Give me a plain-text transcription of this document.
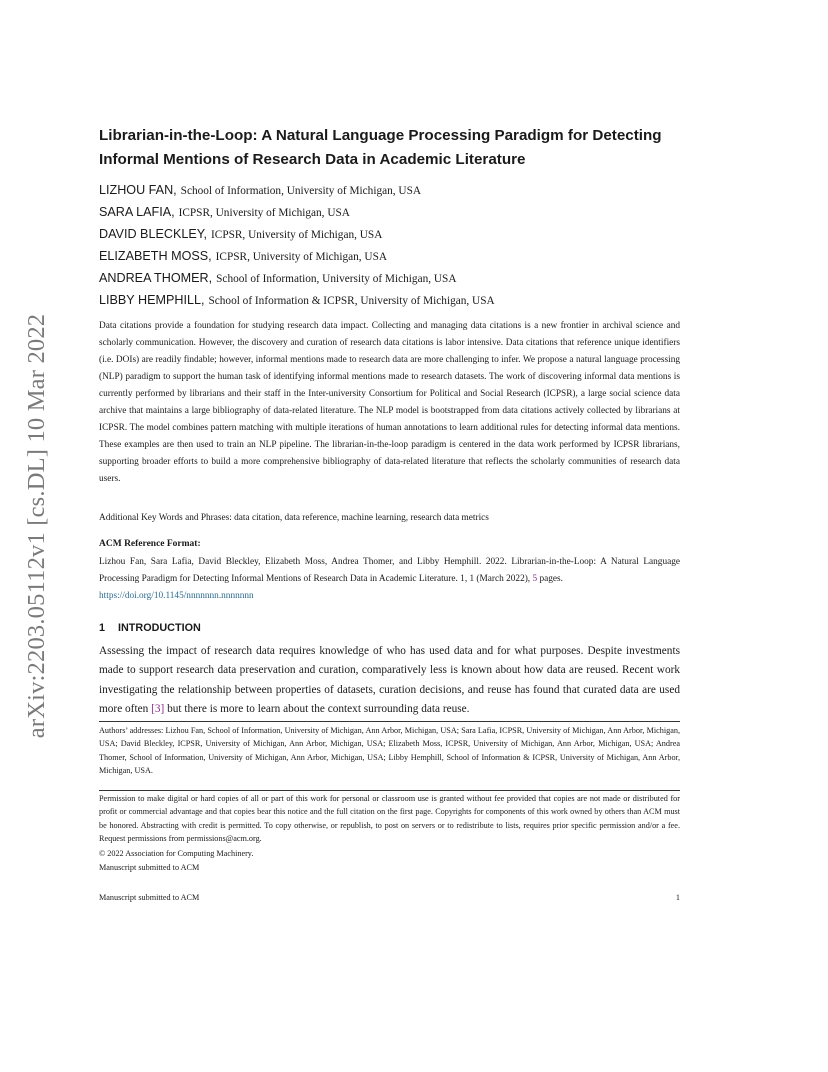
arXiv:2203.05112v1 [cs.DL] 10 Mar 2022
Librarian-in-the-Loop: A Natural Language Processing Paradigm for Detecting
Informal Mentions of Research Data in Academic Literature
LIZHOU FAN, School of Information, University of Michigan, USA
SARA LAFIA, ICPSR, University of Michigan, USA
DAVID BLECKLEY, ICPSR, University of Michigan, USA
ELIZABETH MOSS, ICPSR, University of Michigan, USA
ANDREA THOMER, School of Information, University of Michigan, USA
LIBBY HEMPHILL, School of Information & ICPSR, University of Michigan, USA

Data citations provide a foundation for studying research data impact. Collecting and managing data citations is a new frontier in archival science and scholarly communication. However, the discovery and curation of research data citations is labor intensive. Data citations that reference unique identifiers (i.e. DOIs) are readily findable; however, informal mentions made to research data are more challenging to infer. We propose a natural language processing (NLP) paradigm to support the human task of identifying informal mentions made to research datasets. The work of discovering informal data mentions is currently performed by librarians and their staff in the Inter-university Consortium for Political and Social Research (ICPSR), a large social science data archive that maintains a large bibliography of data-related literature. The NLP model is bootstrapped from data citations actively collected by librarians at ICPSR. The model combines pattern matching with multiple iterations of human annotations to learn additional rules for detecting informal data mentions. These examples are then used to train an NLP pipeline. The librarian-in-the-loop paradigm is centered in the data work performed by ICPSR librarians, supporting broader efforts to build a more comprehensive bibliography of data-related literature that reflects the scholarly communities of research data users.

Additional Key Words and Phrases: data citation, data reference, machine learning, research data metrics
ACM Reference Format:
Lizhou Fan, Sara Lafia, David Bleckley, Elizabeth Moss, Andrea Thomer, and Libby Hemphill. 2022. Librarian-in-the-Loop: A Natural Language Processing Paradigm for Detecting Informal Mentions of Research Data in Academic Literature. 1, 1 (March 2022), 5 pages.
https://doi.org/10.1145/nnnnnnn.nnnnnnn
1 INTRODUCTION

Assessing the impact of research data requires knowledge of who has used data and for what purposes. Despite investments made to support research data preservation and curation, comparatively less is known about how data are reused. Recent work investigating the relationship between properties of datasets, curation decisions, and reuse has found that curated data are used more often [3] but there is more to learn about the context surrounding data reuse.

Authors’ addresses: Lizhou Fan, School of Information, University of Michigan, Ann Arbor, Michigan, USA; Sara Lafia, ICPSR, University of Michigan, Ann Arbor, Michigan, USA; David Bleckley, ICPSR, University of Michigan, Ann Arbor, Michigan, USA; Elizabeth Moss, ICPSR, University of Michigan, Ann Arbor, Michigan, USA; Andrea Thomer, School of Information, University of Michigan, Ann Arbor, Michigan, USA; Libby Hemphill, School of Information & ICPSR, University of Michigan, Ann Arbor, Michigan, USA.

Permission to make digital or hard copies of all or part of this work for personal or classroom use is granted without fee provided that copies are not made or distributed for profit or commercial advantage and that copies bear this notice and the full citation on the first page. Copyrights for components of this work owned by others than ACM must be honored. Abstracting with credit is permitted. To copy otherwise, or republish, to post on servers or to redistribute to lists, requires prior specific permission and/or a fee. Request permissions from permissions@acm.org.

© 2022 Association for Computing Machinery.
Manuscript submitted to ACM
Manuscript submitted to ACM	1
